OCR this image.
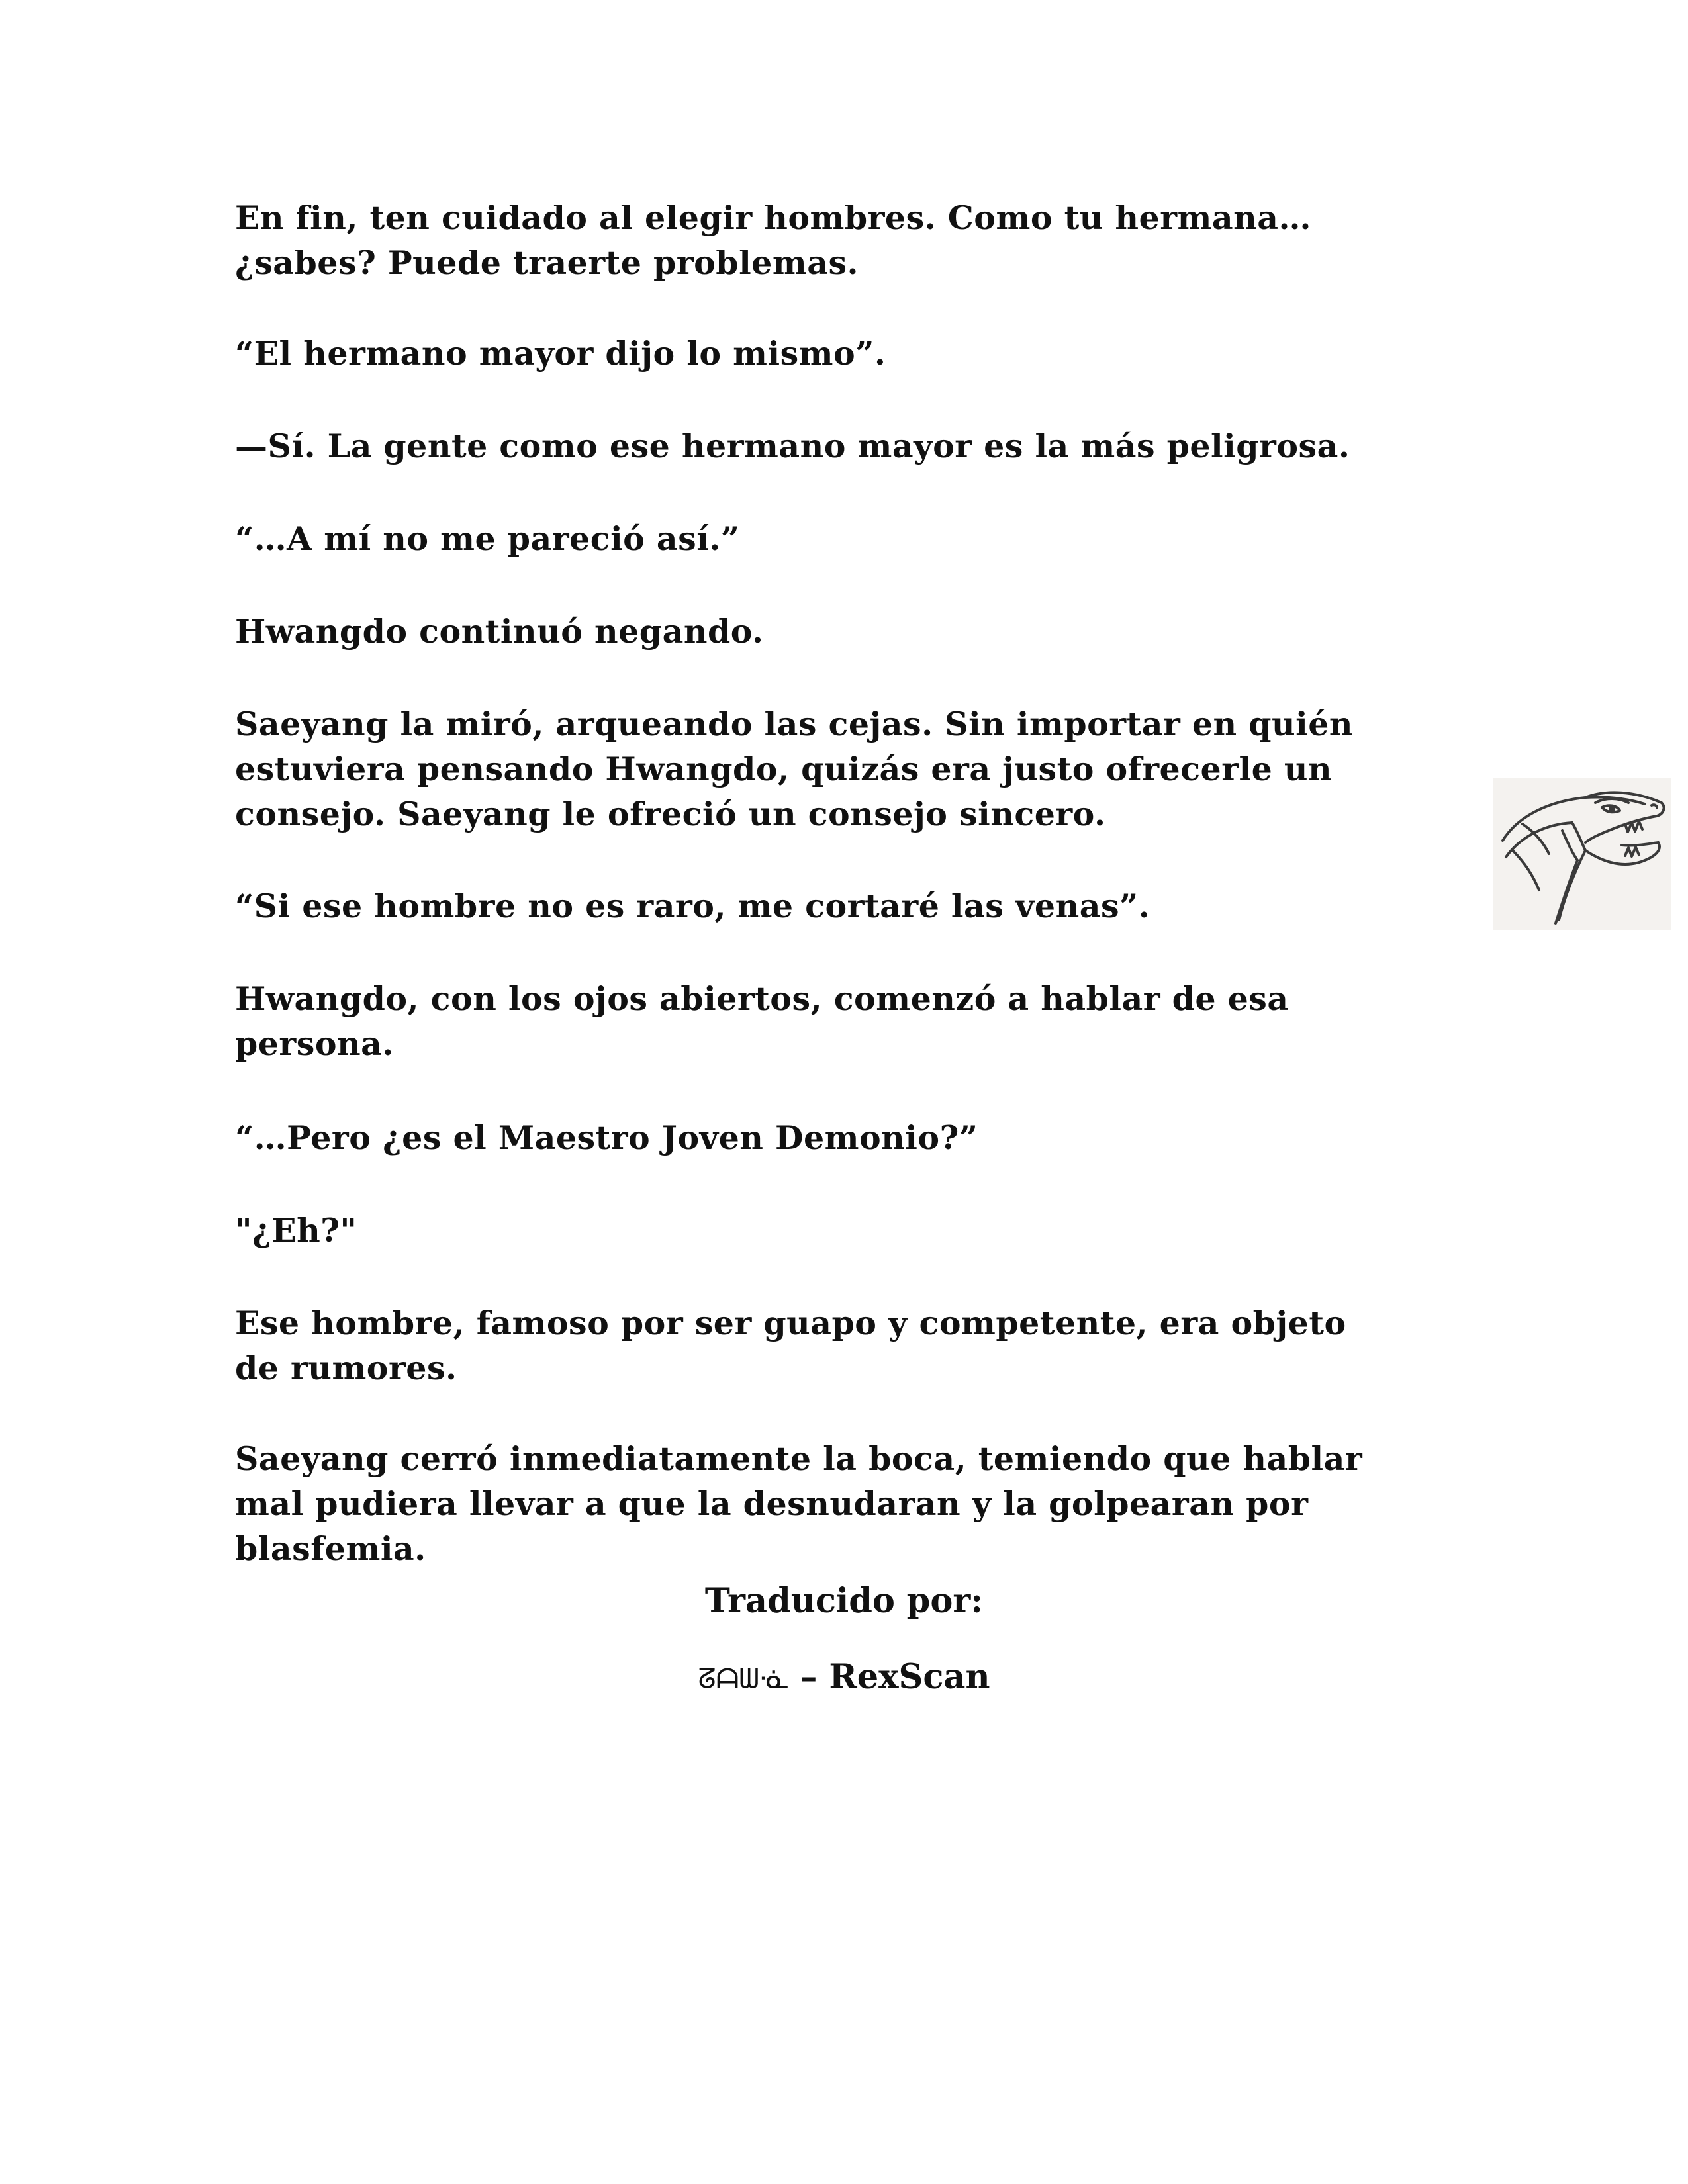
En fin, ten cuidado al elegir hombres. Como tu hermana…
¿sabes? Puede traerte problemas.

“El hermano mayor dijo lo mismo”.

—Sí. La gente como ese hermano mayor es la más peligrosa.

“…A mí no me pareció así.”

Hwangdo continuó negando.

Saeyang la miró, arqueando las cejas. Sin importar en quién
estuviera pensando Hwangdo, quizás era justo ofrecerle un
consejo. Saeyang le ofreció un consejo sincero.

“Si ese hombre no es raro, me cortaré las venas”.

Hwangdo, con los ojos abiertos, comenzó a hablar de esa
persona.

“…Pero ¿es el Maestro Joven Demonio?”

"¿Eh?"

Ese hombre, famoso por ser guapo y competente, era objeto
de rumores.

Saeyang cerró inmediatamente la boca, temiendo que hablar
mal pudiera llevar a que la desnudaran y la golpearan por
blasfemia.

Traducido por:
ᘔᗩᗯᓍ – RexScan
